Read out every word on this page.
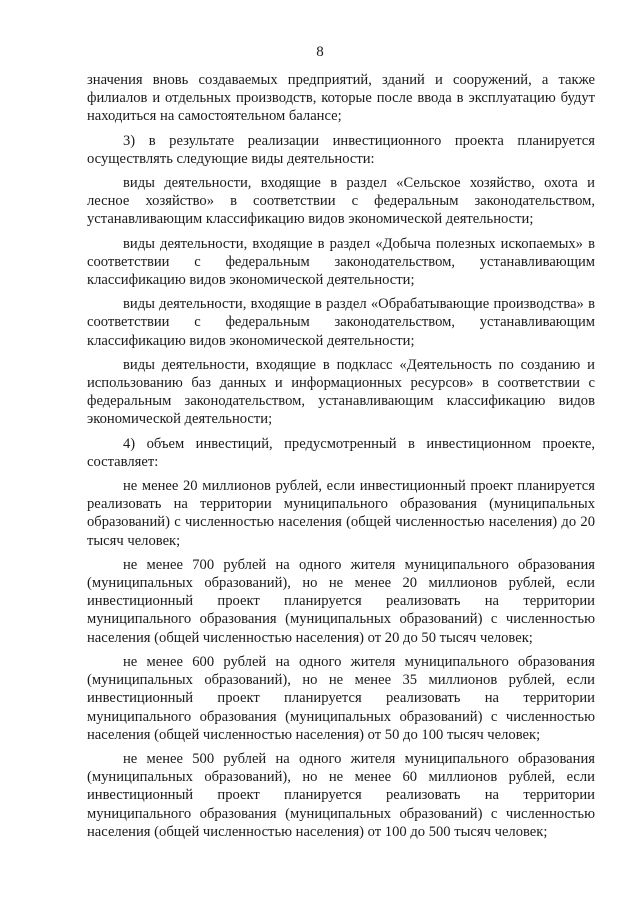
8

значения вновь создаваемых предприятий, зданий и сооружений, а также филиалов и отдельных производств, которые после ввода в эксплуатацию будут находиться на самостоятельном балансе;

3) в результате реализации инвестиционного проекта планируется осуществлять следующие виды деятельности:

виды деятельности, входящие в раздел «Сельское хозяйство, охота и лесное хозяйство» в соответствии с федеральным законодательством, устанавливающим классификацию видов экономической деятельности;

виды деятельности, входящие в раздел «Добыча полезных ископаемых» в соответствии с федеральным законодательством, устанавливающим классификацию видов экономической деятельности;

виды деятельности, входящие в раздел «Обрабатывающие производства» в соответствии с федеральным законодательством, устанавливающим классификацию видов экономической деятельности;

виды деятельности, входящие в подкласс «Деятельность по созданию и использованию баз данных и информационных ресурсов» в соответствии с федеральным законодательством, устанавливающим классификацию видов экономической деятельности;

4) объем инвестиций, предусмотренный в инвестиционном проекте, составляет:

не менее 20 миллионов рублей, если инвестиционный проект планируется реализовать на территории муниципального образования (муниципальных образований) с численностью населения (общей численностью населения) до 20 тысяч человек;

не менее 700 рублей на одного жителя муниципального образования (муниципальных образований), но не менее 20 миллионов рублей, если инвестиционный проект планируется реализовать на территории муниципального образования (муниципальных образований) с численностью населения (общей численностью населения) от 20 до 50 тысяч человек;

не менее 600 рублей на одного жителя муниципального образования (муниципальных образований), но не менее 35 миллионов рублей, если инвестиционный проект планируется реализовать на территории муниципального образования (муниципальных образований) с численностью населения (общей численностью населения) от 50 до 100 тысяч человек;

не менее 500 рублей на одного жителя муниципального образования (муниципальных образований), но не менее 60 миллионов рублей, если инвестиционный проект планируется реализовать на территории муниципального образования (муниципальных образований) с численностью населения (общей численностью населения) от 100 до 500 тысяч человек;
